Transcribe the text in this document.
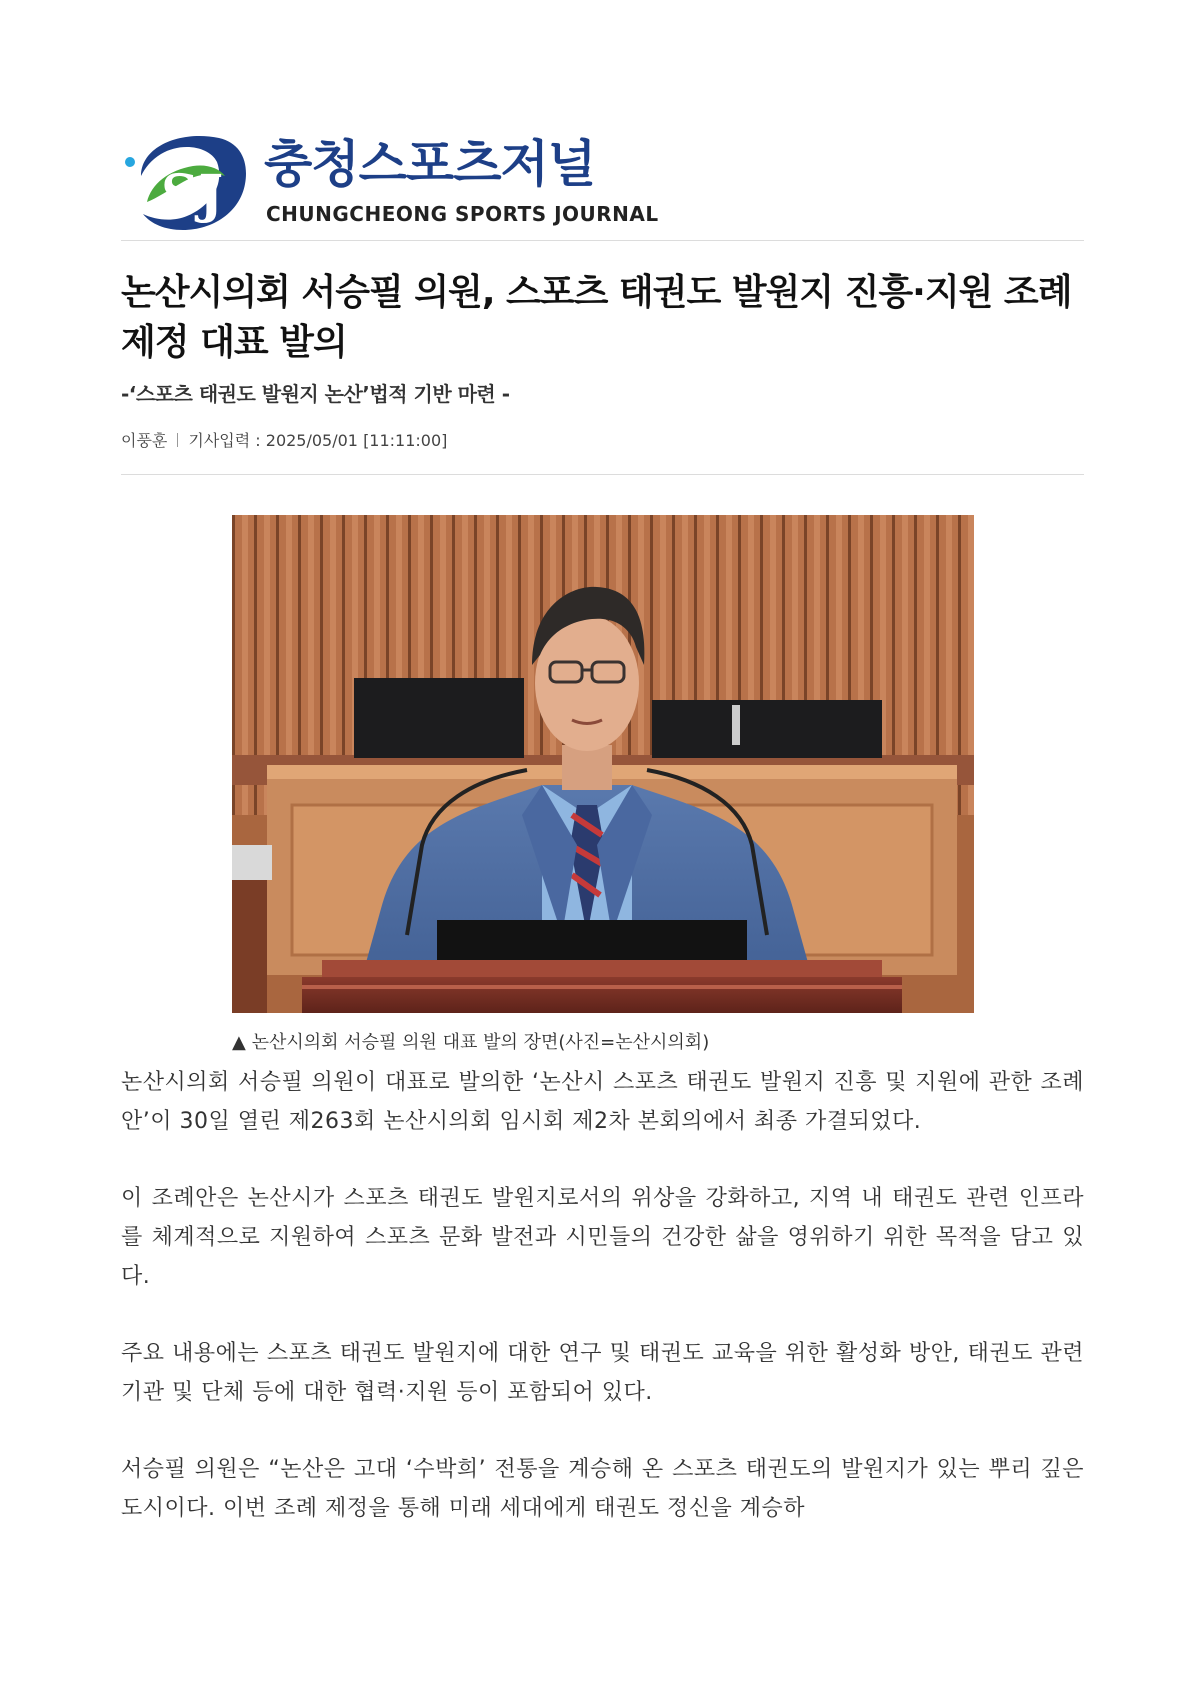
SJ 충청스포츠저널
CHUNGCHEONG SPORTS JOURNAL
논산시의회 서승필 의원, 스포츠 태권도 발원지 진흥·지원 조례 제정 대표 발의
-‘스포츠 태권도 발원지 논산’법적 기반 마련 -
이풍훈 기사입력 : 2025/05/01 [11:11:00]
▲ 논산시의회 서승필 의원 대표 발의 장면(사진=논산시의회)

논산시의회 서승필 의원이 대표로 발의한 ‘논산시 스포츠 태권도 발원지 진흥 및 지원에 관한 조례안’이 30일 열린 제263회 논산시의회 임시회 제2차 본회의에서 최종 가결되었다.

이 조례안은 논산시가 스포츠 태권도 발원지로서의 위상을 강화하고, 지역 내 태권도 관련 인프라를 체계적으로 지원하여 스포츠 문화 발전과 시민들의 건강한 삶을 영위하기 위한 목적을 담고 있다.

주요 내용에는 스포츠 태권도 발원지에 대한 연구 및 태권도 교육을 위한 활성화 방안, 태권도 관련 기관 및 단체 등에 대한 협력·지원 등이 포함되어 있다.

서승필 의원은 “논산은 고대 ‘수박희’ 전통을 계승해 온 스포츠 태권도의 발원지가 있는 뿌리 깊은 도시이다. 이번 조례 제정을 통해 미래 세대에게 태권도 정신을 계승하
